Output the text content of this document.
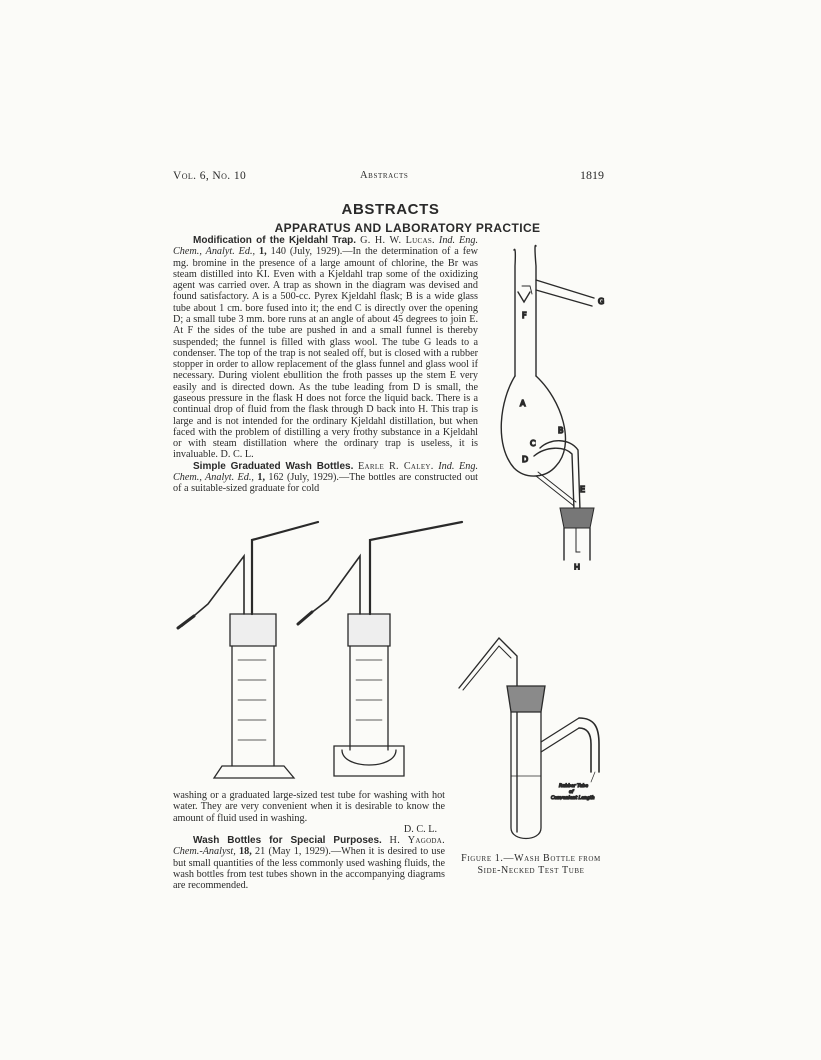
Vol. 6, No. 10	Abstracts	1819
ABSTRACTS
APPARATUS AND LABORATORY PRACTICE

Modification of the Kjeldahl Trap. G. H. W. Lucas. Ind. Eng. Chem., Analyt. Ed., 1, 140 (July, 1929).—In the determination of a few mg. bromine in the presence of a large amount of chlorine, the Br was steam distilled into KI. Even with a Kjeldahl trap some of the oxidizing agent was carried over. A trap as shown in the diagram was devised and found satisfactory. A is a 500-cc. Pyrex Kjeldahl flask; B is a wide glass tube about 1 cm. bore fused into it; the end C is directly over the opening D; a small tube 3 mm. bore runs at an angle of about 45 degrees to join E. At F the sides of the tube are pushed in and a small funnel is thereby suspended; the funnel is filled with glass wool. The tube G leads to a condenser. The top of the trap is not sealed off, but is closed with a rubber stopper in order to allow replacement of the glass funnel and glass wool if necessary. During violent ebullition the froth passes up the stem E very easily and is directed down. As the tube leading from D is small, the gaseous pressure in the flask H does not force the liquid back. There is a continual drop of fluid from the flask through D back into H. This trap is large and is not intended for the ordinary Kjeldahl distillation, but when faced with the problem of distilling a very frothy substance in a Kjeldahl or with steam distillation where the ordinary trap is useless, it is invaluable. D. C. L.

Simple Graduated Wash Bottles. Earle R. Caley. Ind. Eng. Chem., Analyt. Ed., 1, 162 (July, 1929).—The bottles are constructed out of a suitable-sized graduate for cold

washing or a graduated large-sized test tube for washing with hot water. They are very convenient when it is desirable to know the amount of fluid used in washing.

D. C. L.

Wash Bottles for Special Purposes. H. Yagoda. Chem.-Analyst, 18, 21 (May 1, 1929).—When it is desired to use but small quantities of the less commonly used washing fluids, the wash bottles from test tubes shown in the accompanying diagrams are recommended.

G
F
A
B
C
D
E
H
Rubber Tube
of
Convenient Length
Figure 1.—Wash Bottle from Side-Necked Test Tube
